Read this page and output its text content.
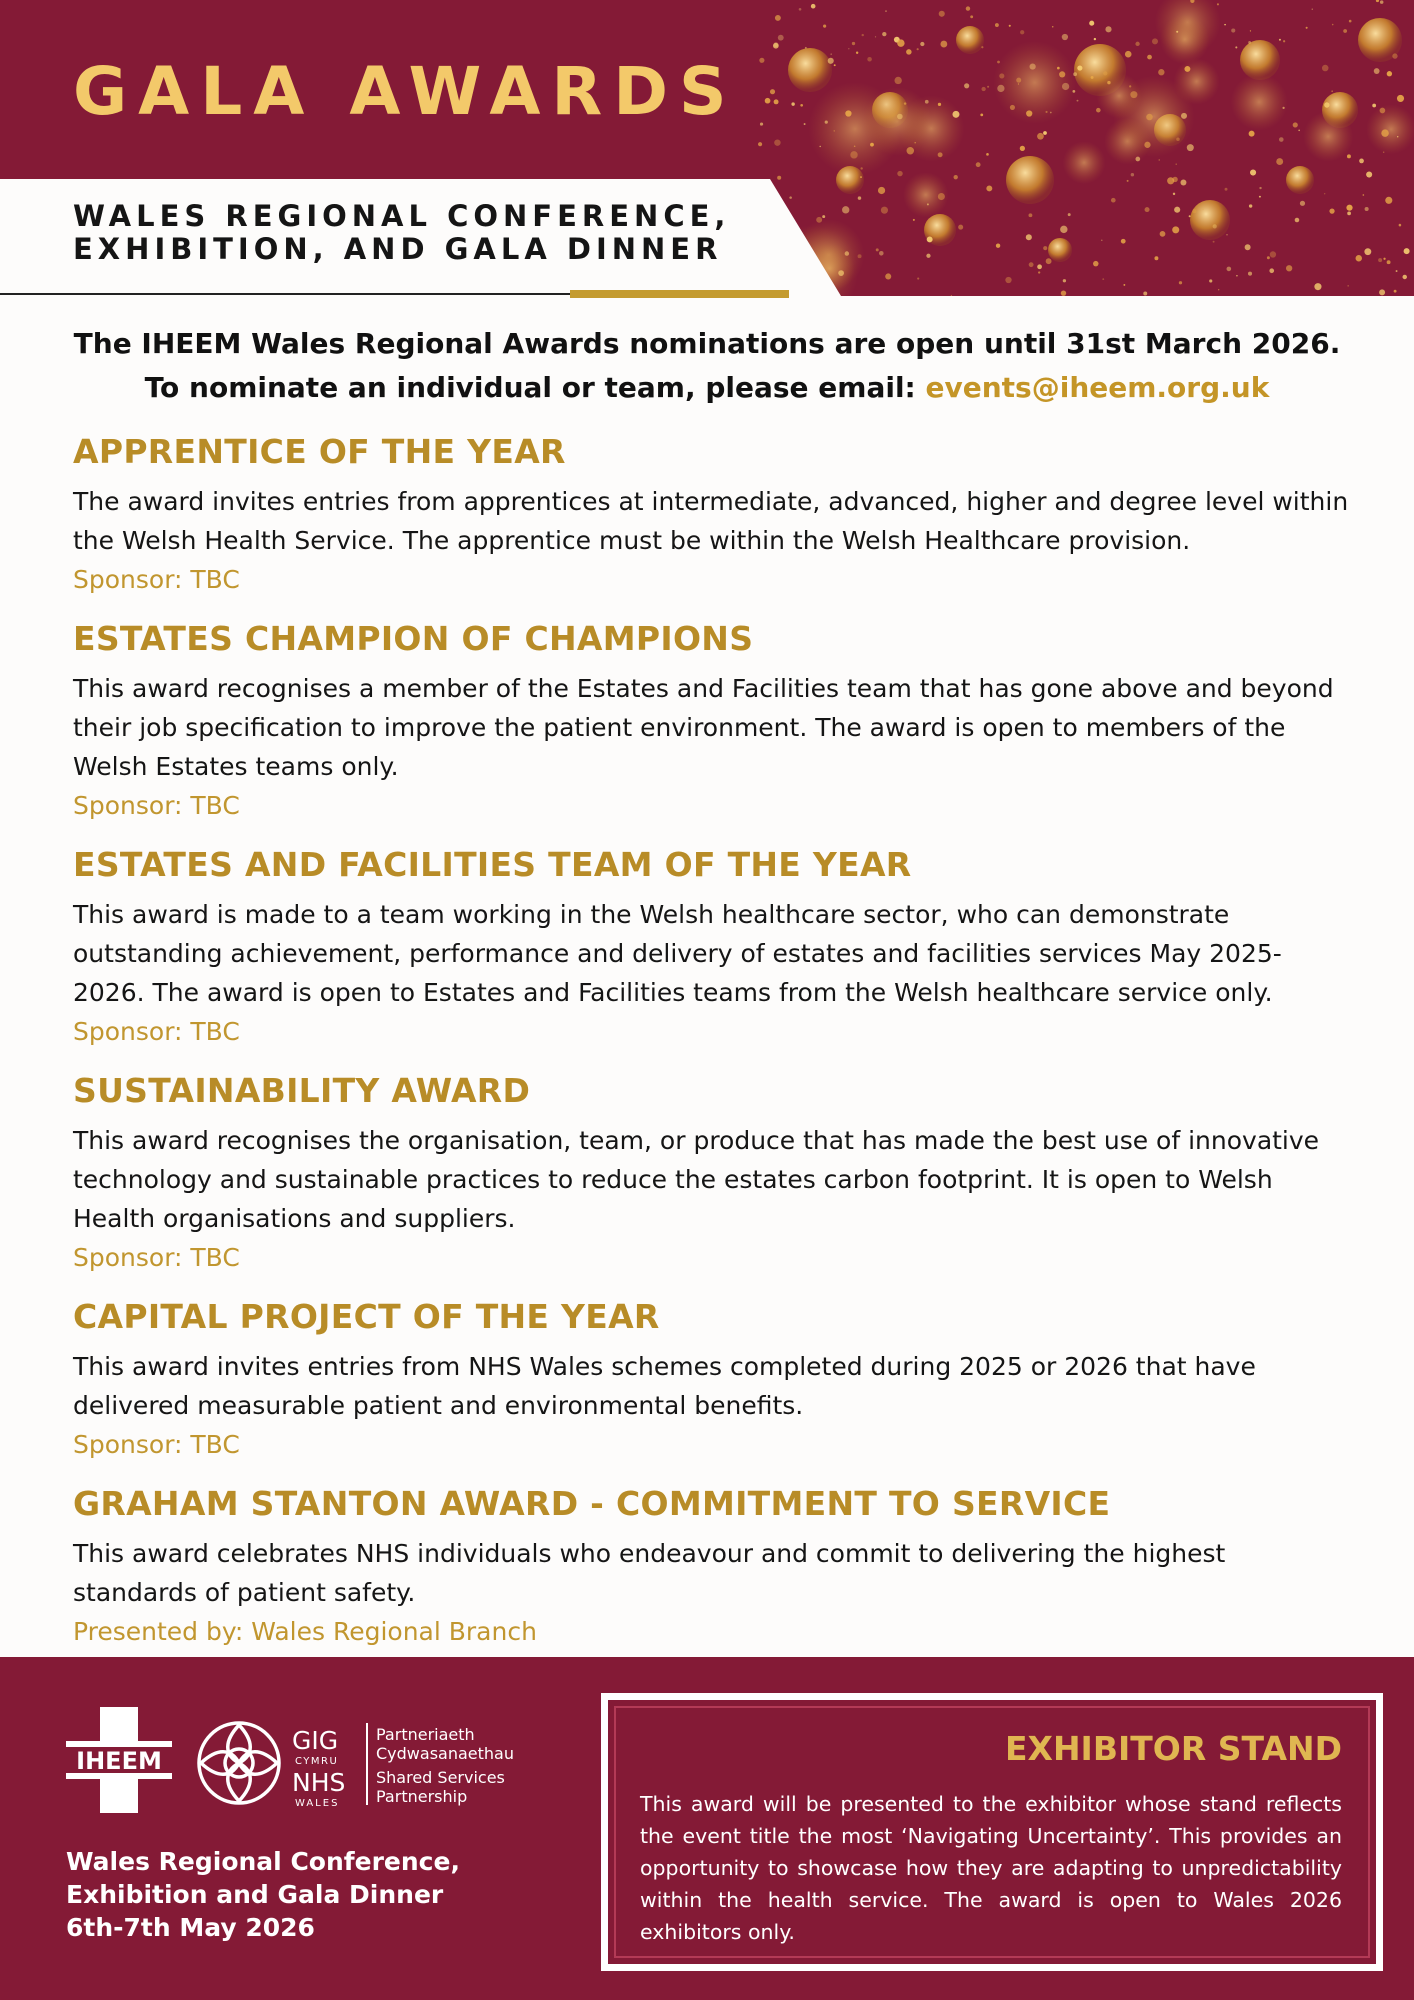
GALA AWARDS
WALES REGIONAL CONFERENCE,
EXHIBITION, AND GALA DINNER
The IHEEM Wales Regional Awards nominations are open until 31st March 2026.
To nominate an individual or team, please email: events@iheem.org.uk
APPRENTICE OF THE YEAR

The award invites entries from apprentices at intermediate, advanced, higher and degree level within the Welsh Health Service. The apprentice must be within the Welsh Healthcare provision.

Sponsor: TBC
ESTATES CHAMPION OF CHAMPIONS

This award recognises a member of the Estates and Facilities team that has gone above and beyond their job specification to improve the patient environment. The award is open to members of the Welsh Estates teams only.

Sponsor: TBC
ESTATES AND FACILITIES TEAM OF THE YEAR

This award is made to a team working in the Welsh healthcare sector, who can demonstrate outstanding achievement, performance and delivery of estates and facilities services May 2025-2026. The award is open to Estates and Facilities teams from the Welsh healthcare service only.

Sponsor: TBC
SUSTAINABILITY AWARD

This award recognises the organisation, team, or produce that has made the best use of innovative technology and sustainable practices to reduce the estates carbon footprint. It is open to Welsh Health organisations and suppliers.

Sponsor: TBC
CAPITAL PROJECT OF THE YEAR

This award invites entries from NHS Wales schemes completed during 2025 or 2026 that have delivered measurable patient and environmental benefits.

Sponsor: TBC
GRAHAM STANTON AWARD - COMMITMENT TO SERVICE

This award celebrates NHS individuals who endeavour and commit to delivering the highest standards of patient safety.

Presented by: Wales Regional Branch
IHEEM
GIG
CYMRU
NHS
WALES
Partneriaeth
Cydwasanaethau
Shared Services
Partnership
Wales Regional Conference,
Exhibition and Gala Dinner
6th-7th May 2026
EXHIBITOR STAND

This award will be presented to the exhibitor whose stand reflects the event title the most ‘Navigating Uncertainty’. This provides an opportunity to showcase how they are adapting to unpredictability within the health service. The award is open to Wales 2026 exhibitors only.
